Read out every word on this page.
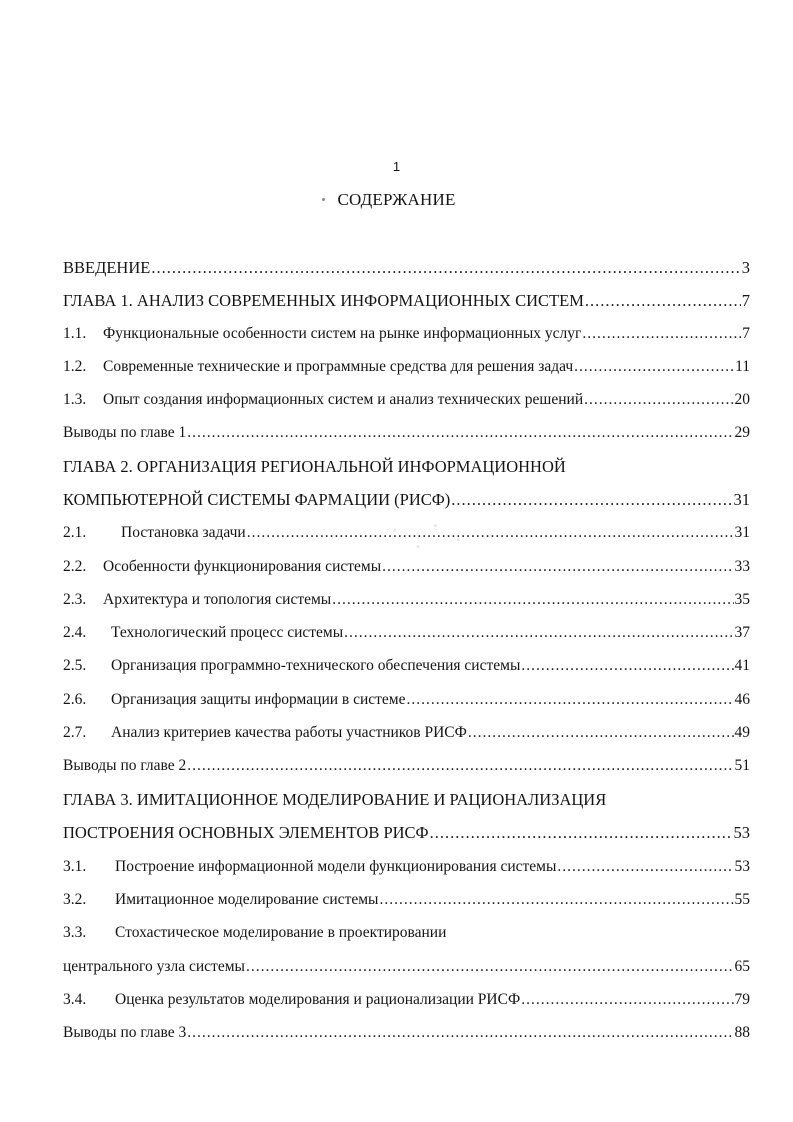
1
СОДЕРЖАНИЕ
ВВЕДЕНИЕ .....	3
ГЛАВА 1. АНАЛИЗ СОВРЕМЕННЫХ ИНФОРМАЦИОННЫХ СИСТЕМ .....	7
1.1.	Функциональные особенности систем на рынке информационных услуг .....	7
1.2.	Современные технические и программные средства для решения задач .....	11
1.3.	Опыт создания информационных систем и анализ технических решений .....	20
Выводы по главе 1 .....	29
ГЛАВА 2. ОРГАНИЗАЦИЯ РЕГИОНАЛЬНОЙ ИНФОРМАЦИОННОЙ
КОМПЬЮТЕРНОЙ СИСТЕМЫ ФАРМАЦИИ (РИСФ) .....	31
2.1.	Постановка задачи .....	31
2.2.	Особенности функционирования системы .....	33
2.3.	Архитектура и топология системы .....	35
2.4.	Технологический процесс системы .....	37
2.5.	Организация программно-технического обеспечения системы .....	41
2.6.	Организация защиты информации в системе .....	46
2.7.	Анализ критериев качества работы участников РИСФ .....	49
Выводы по главе 2 .....	51
ГЛАВА 3. ИМИТАЦИОННОЕ МОДЕЛИРОВАНИЕ И РАЦИОНАЛИЗАЦИЯ
ПОСТРОЕНИЯ ОСНОВНЫХ ЭЛЕМЕНТОВ РИСФ .....	53
3.1.	Построение информационной модели функционирования системы .....	53
3.2.	Имитационное моделирование системы .....	55
3.3.	Стохастическое моделирование в проектировании
центрального узла системы .....	65
3.4.	Оценка результатов моделирования и рационализации РИСФ .....	79
Выводы по главе 3 .....	88
